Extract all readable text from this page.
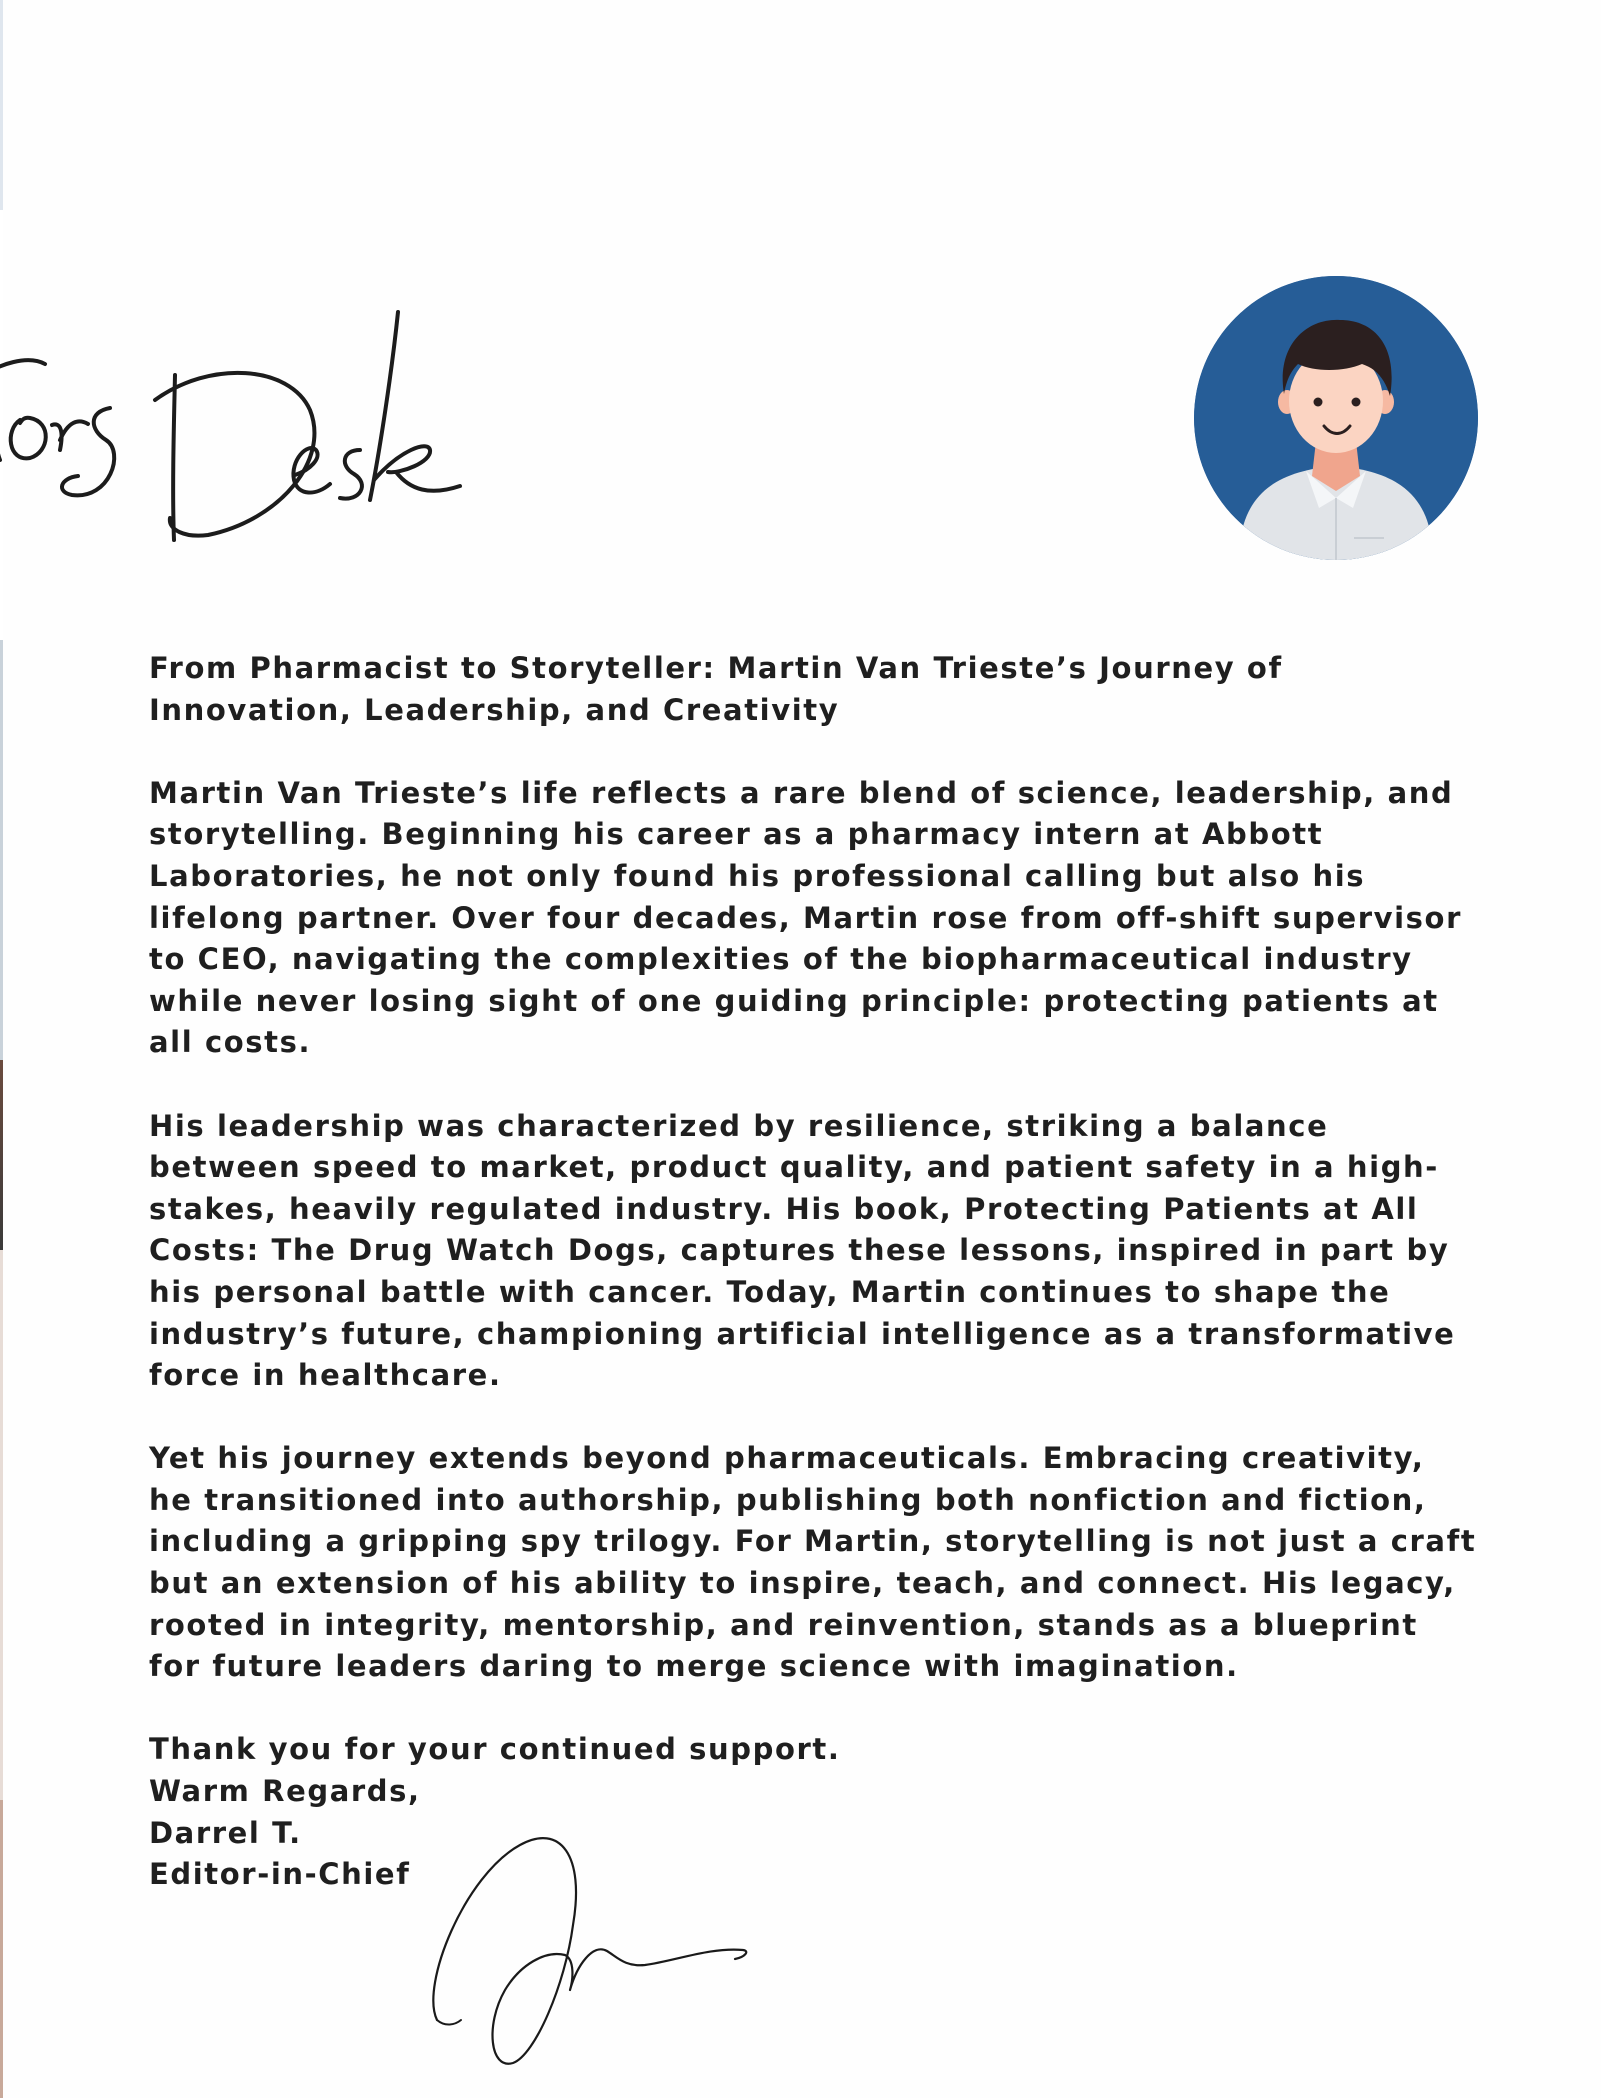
From Pharmacist to Storyteller: Martin Van Trieste’s Journey of
Innovation, Leadership, and Creativity

Martin Van Trieste’s life reflects a rare blend of science, leadership, and storytelling. Beginning his career as a pharmacy intern at Abbott Laboratories, he not only found his professional calling but also his lifelong partner. Over four decades, Martin rose from off-shift supervisor to CEO, navigating the complexities of the biopharmaceutical industry while never losing sight of one guiding principle: protecting patients at all costs.

His leadership was characterized by resilience, striking a balance between speed to market, product quality, and patient safety in a high-stakes, heavily regulated industry. His book, Protecting Patients at All Costs: The Drug Watch Dogs, captures these lessons, inspired in part by his personal battle with cancer. Today, Martin continues to shape the industry’s future, championing artificial intelligence as a transformative force in healthcare.

Yet his journey extends beyond pharmaceuticals. Embracing creativity, he transitioned into authorship, publishing both nonfiction and fiction, including a gripping spy trilogy. For Martin, storytelling is not just a craft but an extension of his ability to inspire, teach, and connect. His legacy, rooted in integrity, mentorship, and reinvention, stands as a blueprint for future leaders daring to merge science with imagination.

Thank you for your continued support.

Warm Regards,

Darrel T.

Editor-in-Chief
